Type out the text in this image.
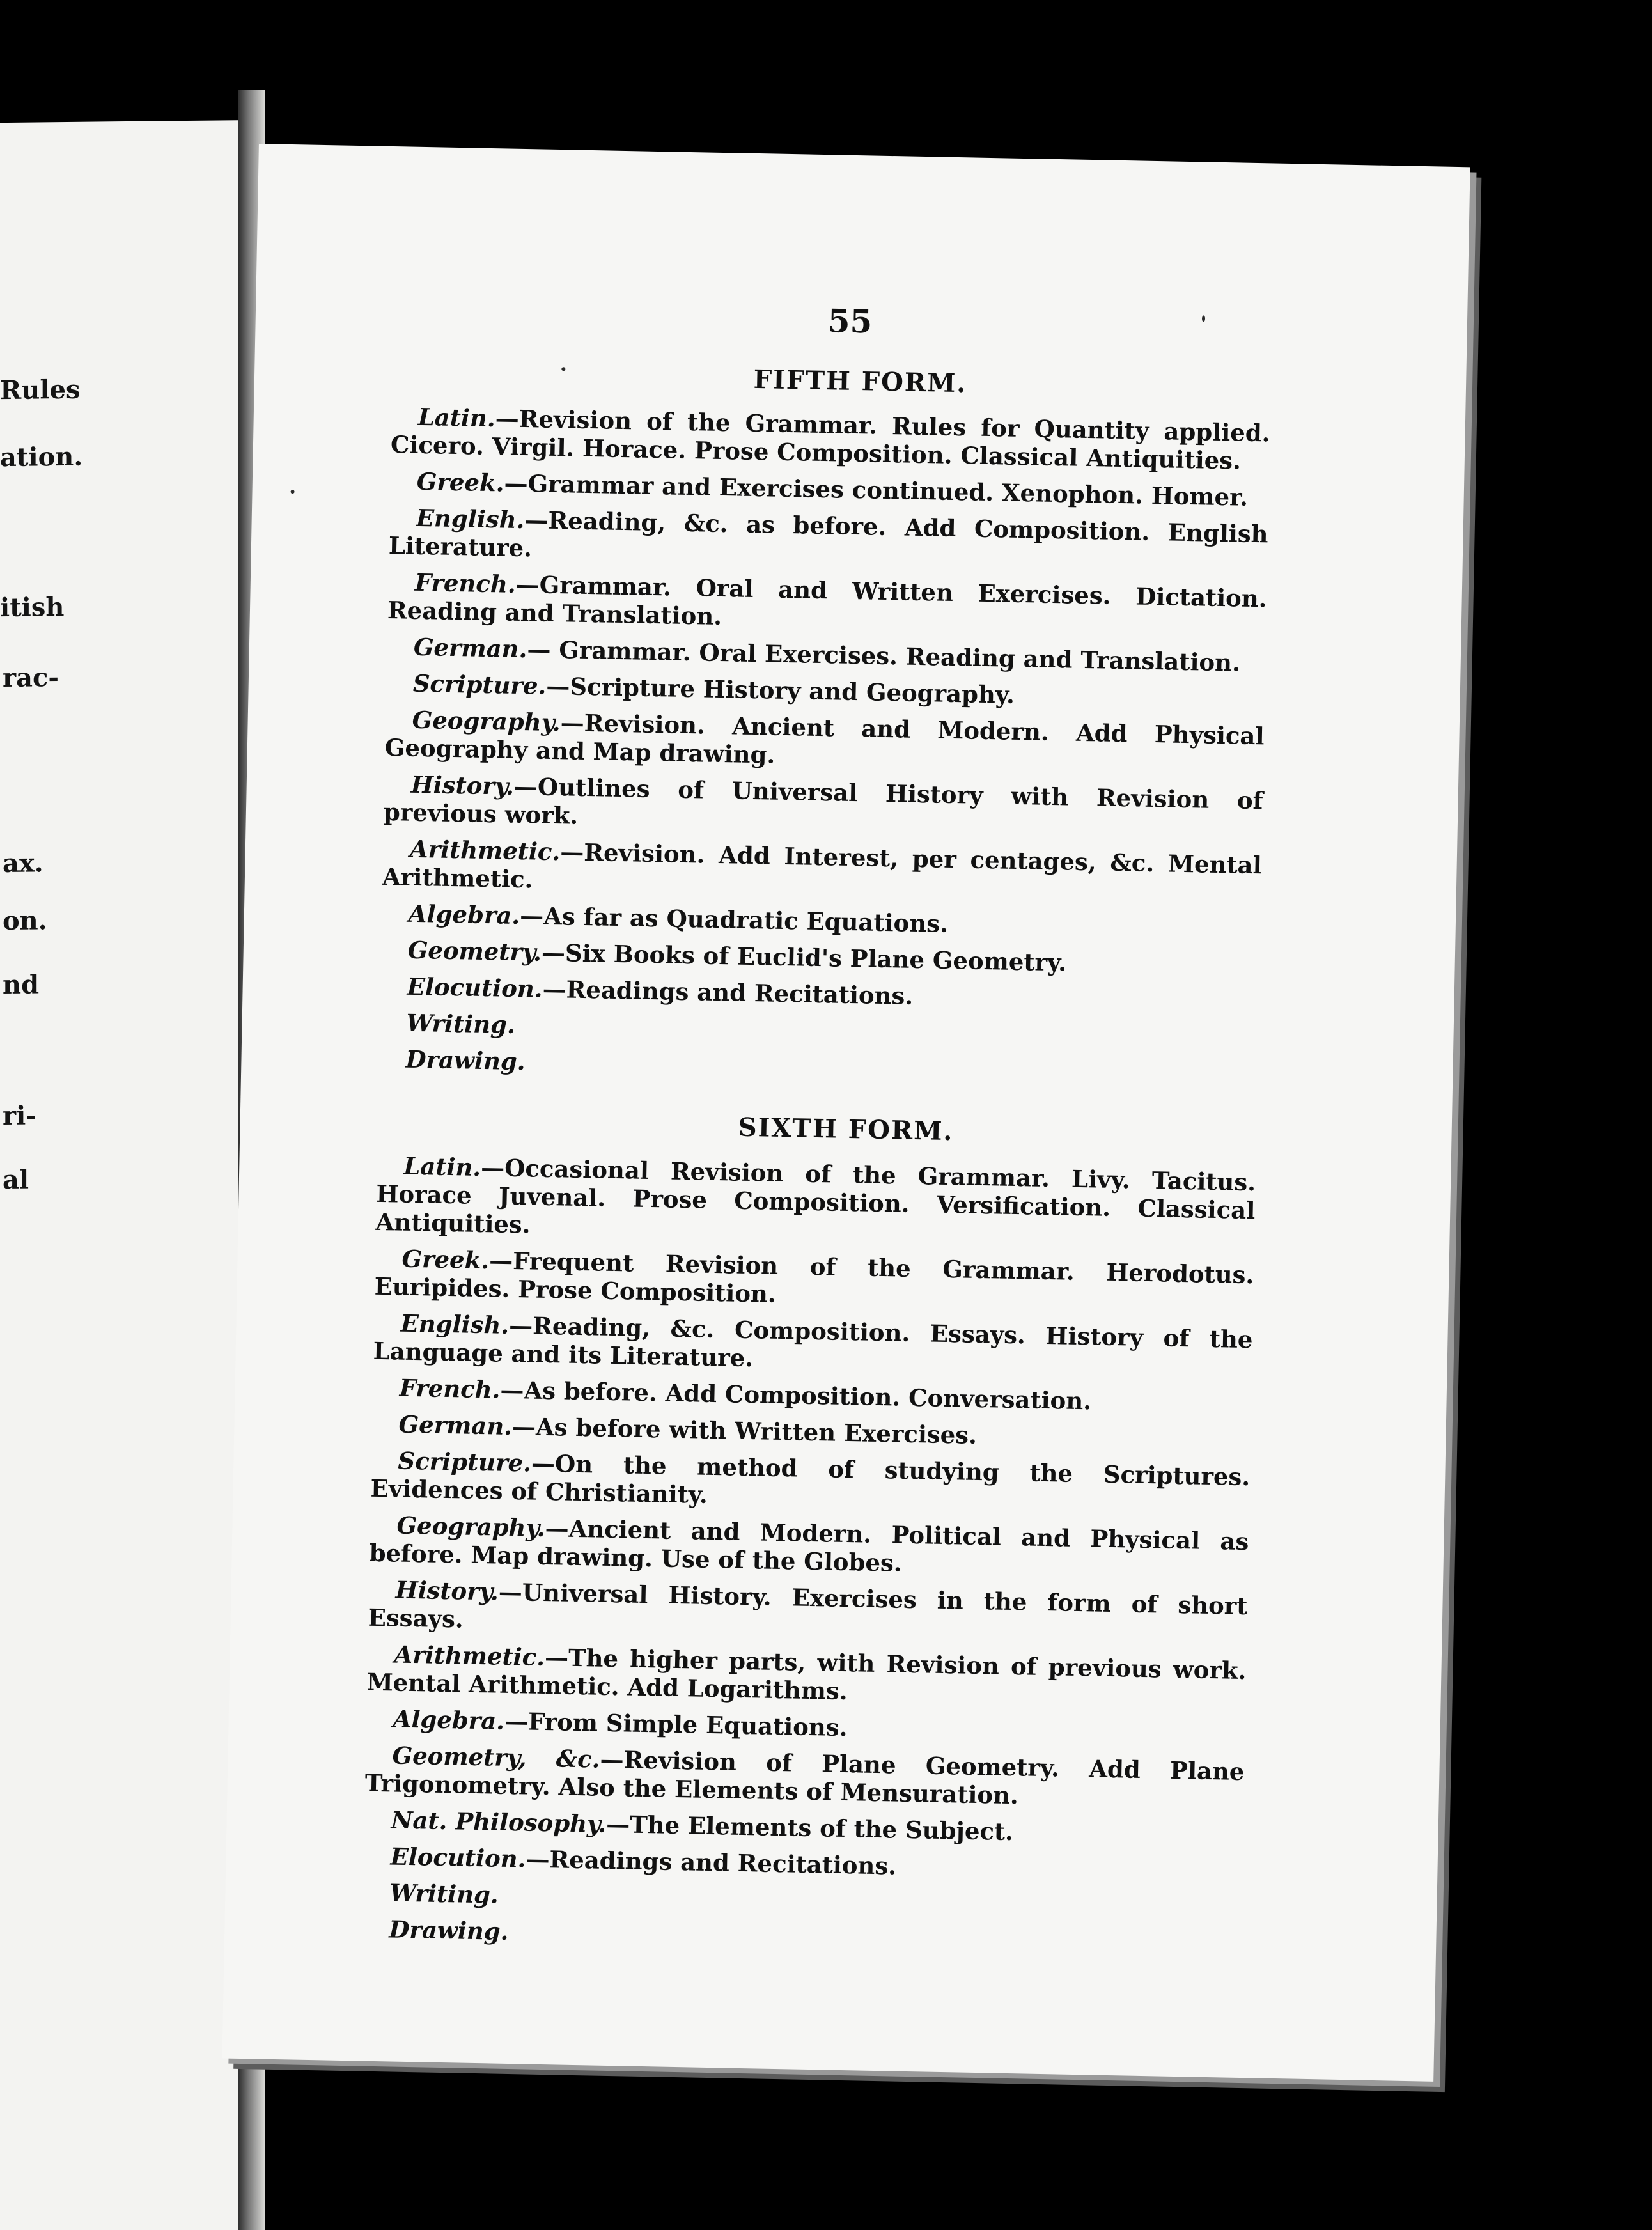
Rules
ation.
itish
rac-
ax.
on.
nd
ri-
al
55
FIFTH FORM.

Latin.—Revision of the Grammar. Rules for Quantity applied. Cicero. Virgil. Horace. Prose Composition. Classical Antiquities.

Greek.—Grammar and Exercises continued. Xenophon. Homer.

English.—Reading, &c. as before. Add Composition. English Literature.

French.—Grammar. Oral and Written Exercises. Dictation. Reading and Translation.

German.— Grammar. Oral Exercises. Reading and Translation.

Scripture.—Scripture History and Geography.

Geography.—Revision. Ancient and Modern. Add Physical Geography and Map drawing.

History.—Outlines of Universal History with Revision of previous work.

Arithmetic.—Revision. Add Interest, per centages, &c. Mental Arithmetic.

Algebra.—As far as Quadratic Equations.

Geometry.—Six Books of Euclid's Plane Geometry.

Elocution.—Readings and Recitations.

Writing.

Drawing.

SIXTH FORM.

Latin.—Occasional Revision of the Grammar. Livy. Tacitus. Horace Juvenal. Prose Composition. Versification. Classical Antiquities.

Greek.—Frequent Revision of the Grammar. Herodotus. Euripides. Prose Composition.

English.—Reading, &c. Composition. Essays. History of the Language and its Literature.

French.—As before. Add Composition. Conversation.

German.—As before with Written Exercises.

Scripture.—On the method of studying the Scriptures. Evidences of Christianity.

Geography.—Ancient and Modern. Political and Physical as before. Map drawing. Use of the Globes.

History.—Universal History. Exercises in the form of short Essays.

Arithmetic.—The higher parts, with Revision of previous work. Mental Arithmetic. Add Logarithms.

Algebra.—From Simple Equations.

Geometry, &c.—Revision of Plane Geometry. Add Plane Trigonometry. Also the Elements of Mensuration.

Nat. Philosophy.—The Elements of the Subject.

Elocution.—Readings and Recitations.

Writing.

Drawing.
